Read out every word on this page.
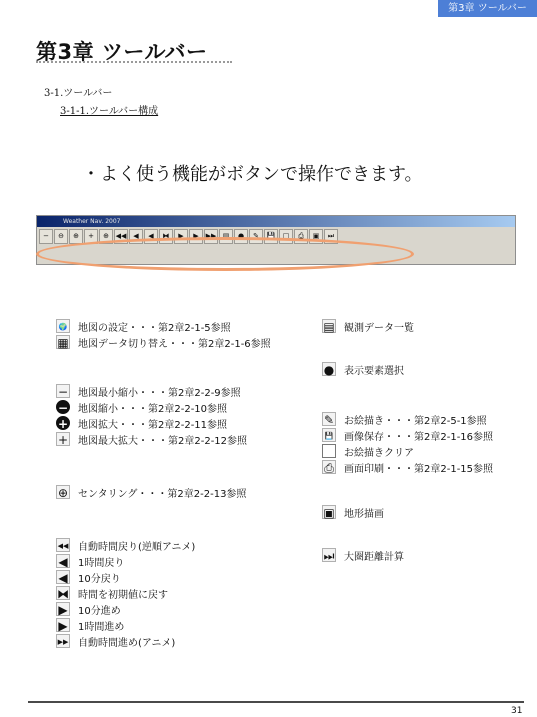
第3章 ツールバー
第3章 ツールバー
3-1.ツールバー
3-1-1.ツールバー構成
・よく使う機能がボタンで操作できます。
Weather Nav. 2007
−	⊖	⊕	+	⊕ ◀◀ ◀	◀	⧓	▶	▶ ▶▶ ▤	●	✎	💾	□	⎙	▣	⏭
🌍 地図の設定・・・第2章2-1-5参照
▦ 地図データ切り替え・・・第2章2-1-6参照
− 地図最小縮小・・・第2章2-2-9参照
− 地図縮小・・・第2章2-2-10参照
+ 地図拡大・・・第2章2-2-11参照
+ 地図最大拡大・・・第2章2-2-12参照
⊕ センタリング・・・第2章2-2-13参照
◀◀ 自動時間戻り(逆順アニメ)
◀ 1時間戻り
◀ 10分戻り
⧓ 時間を初期値に戻す
▶ 10分進め
▶ 1時間進め
▶▶ 自動時間進め(アニメ)
▤ 観測データ一覧
● 表示要素選択
✎ お絵描き・・・第2章2-5-1参照
💾 画像保存・・・第2章2-1-16参照
お絵描きクリア
⎙ 画面印刷・・・第2章2-1-15参照
▣ 地形描画
⏭ 大圏距離計算
31
